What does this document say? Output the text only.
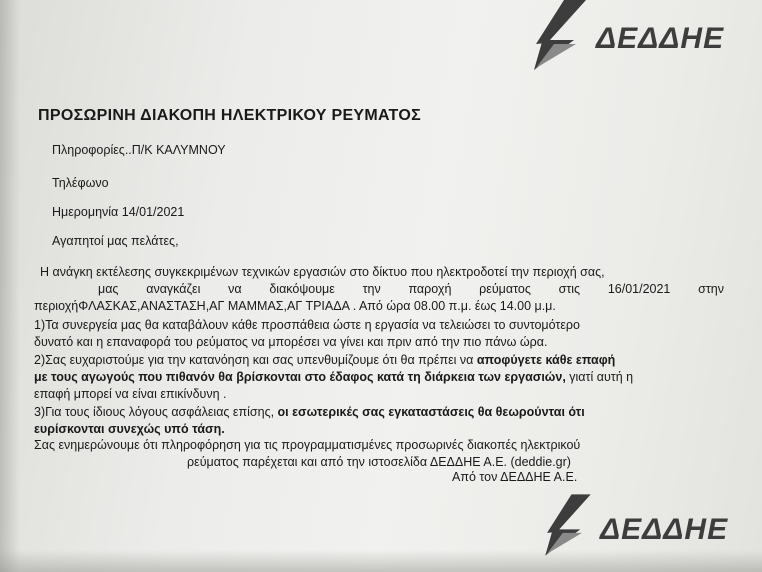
ΔΕΔΔΗΕ
ΠΡΟΣΩΡΙΝΗ ΔΙΑΚΟΠΗ ΗΛΕΚΤΡΙΚΟΥ ΡΕΥΜΑΤΟΣ
Πληροφορίες..Π/Κ ΚΑΛΥΜΝΟΥ
Τηλέφωνο
Ημερομηνία 14/01/2021
Αγαπητοί μας πελάτες,
Η ανάγκη εκτέλεσης συγκεκριμένων τεχνικών εργασιών στο δίκτυο που ηλεκτροδοτεί την περιοχή σας,
μας αναγκάζει να διακόψουμε την παροχή ρεύματος στις 16/01/2021 στην
περιοχήΦΛΑΣΚΑΣ,ΑΝΑΣΤΑΣΗ,ΑΓ ΜΑΜΜΑΣ,ΑΓ ΤΡΙΑΔΑ . Από ώρα 08.00 π.μ. έως 14.00 μ.μ.
1)Τα συνεργεία μας θα καταβάλουν κάθε προσπάθεια ώστε η εργασία να τελειώσει το συντομότερο
δυνατό και η επαναφορά του ρεύματος να μπορέσει να γίνει και πριν από την πιο πάνω ώρα.
2)Σας ευχαριστούμε για την κατανόηση και σας υπενθυμίζουμε ότι θα πρέπει να αποφύγετε κάθε επαφή
με τους αγωγούς που πιθανόν θα βρίσκονται στο έδαφος κατά τη διάρκεια των εργασιών, γιατί αυτή η
επαφή μπορεί να είναι επικίνδυνη .
3)Για τους ίδιους λόγους ασφάλειας επίσης, οι εσωτερικές σας εγκαταστάσεις θα θεωρούνται ότι
ευρίσκονται συνεχώς υπό τάση.
Σας ενημερώνουμε ότι πληροφόρηση για τις προγραμματισμένες προσωρινές διακοπές ηλεκτρικού
ρεύματος παρέχεται και από την ιστοσελίδα ΔΕΔΔΗΕ Α.Ε. (deddie.gr)
Από τον ΔΕΔΔΗΕ Α.Ε.
ΔΕΔΔΗΕ
